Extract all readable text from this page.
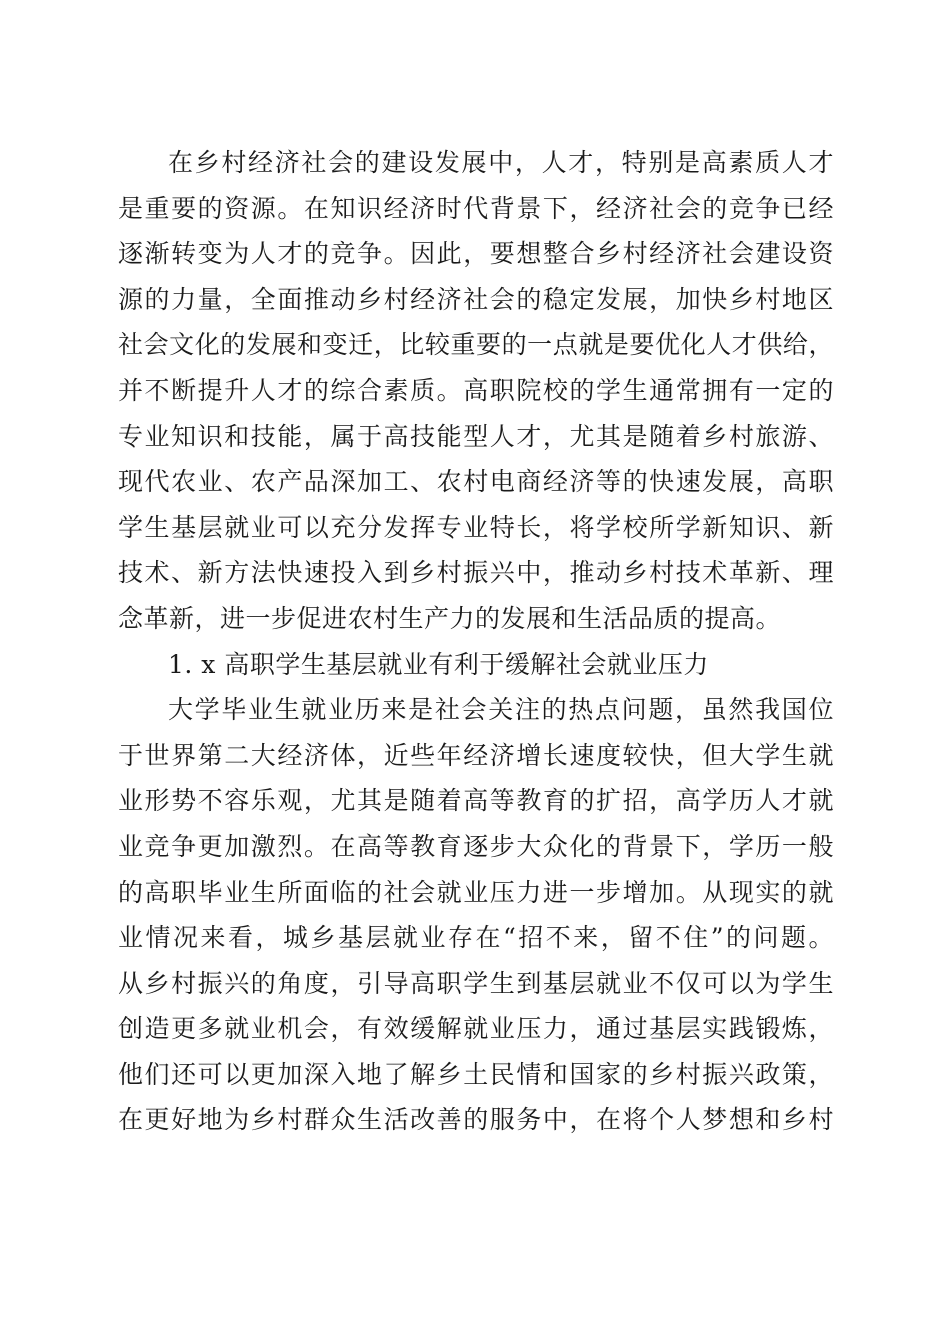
在乡村经济社会的建设发展中，人才，特别是高素质人才
是重要的资源。在知识经济时代背景下，经济社会的竞争已经
逐渐转变为人才的竞争。因此，要想整合乡村经济社会建设资
源的力量，全面推动乡村经济社会的稳定发展，加快乡村地区
社会文化的发展和变迁，比较重要的一点就是要优化人才供给，
并不断提升人才的综合素质。高职院校的学生通常拥有一定的
专业知识和技能，属于高技能型人才，尤其是随着乡村旅游、
现代农业、农产品深加工、农村电商经济等的快速发展，高职
学生基层就业可以充分发挥专业特长，将学校所学新知识、新
技术、新方法快速投入到乡村振兴中，推动乡村技术革新、理
念革新，进一步促进农村生产力的发展和生活品质的提高。
1. x 高职学生基层就业有利于缓解社会就业压力
大学毕业生就业历来是社会关注的热点问题，虽然我国位
于世界第二大经济体，近些年经济增长速度较快，但大学生就
业形势不容乐观，尤其是随着高等教育的扩招，高学历人才就
业竞争更加激烈。在高等教育逐步大众化的背景下，学历一般
的高职毕业生所面临的社会就业压力进一步增加。从现实的就
业情况来看，城乡基层就业存在“招不来，留不住”的问题。
从乡村振兴的角度，引导高职学生到基层就业不仅可以为学生
创造更多就业机会，有效缓解就业压力，通过基层实践锻炼，
他们还可以更加深入地了解乡土民情和国家的乡村振兴政策，
在更好地为乡村群众生活改善的服务中，在将个人梦想和乡村
